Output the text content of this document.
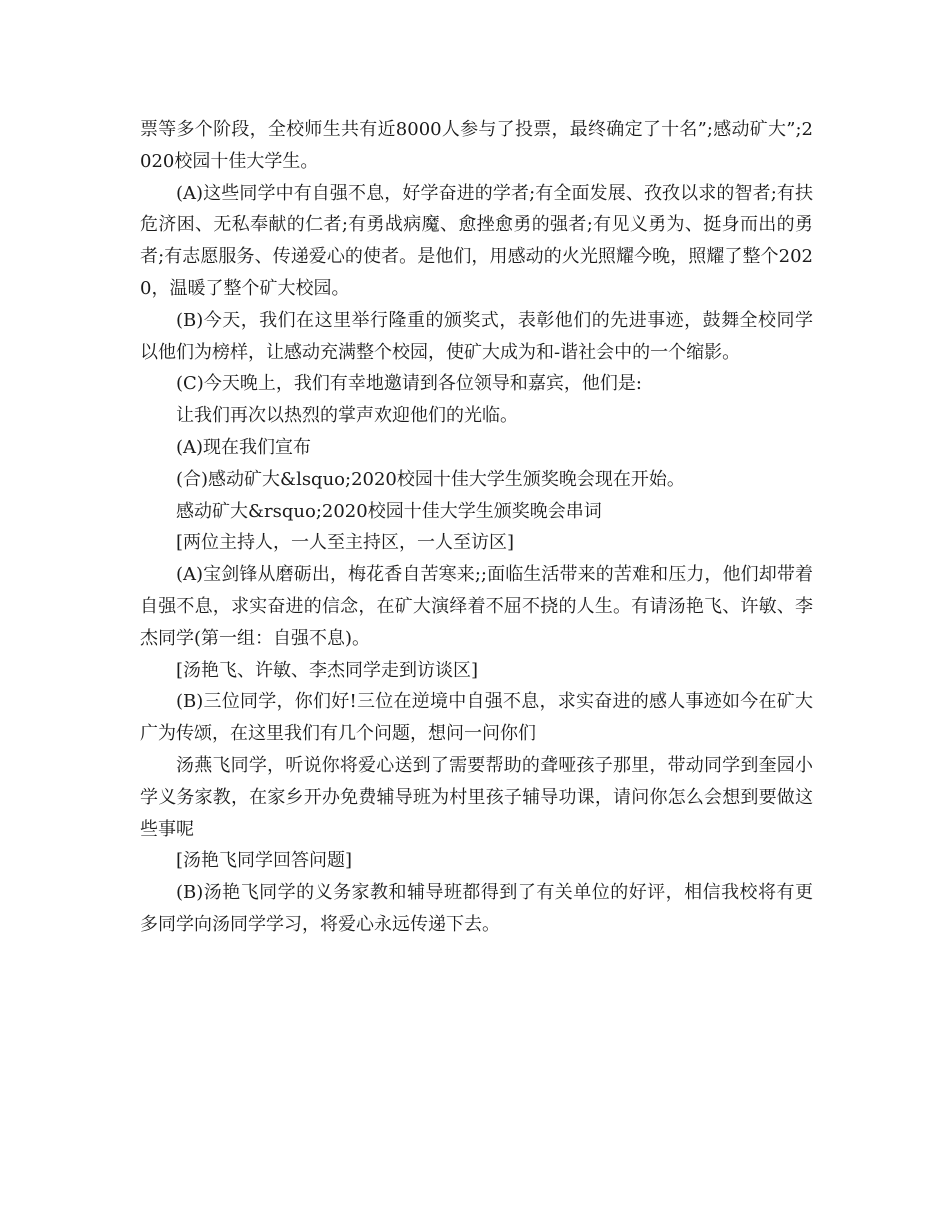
票等多个阶段，全校师生共有近8000人参与了投票，最终确定了十名”;感动矿大”;2020校园十佳大学生。

(A)这些同学中有自强不息，好学奋进的学者;有全面发展、孜孜以求的智者;有扶危济困、无私奉献的仁者;有勇战病魔、愈挫愈勇的强者;有见义勇为、挺身而出的勇者;有志愿服务、传递爱心的使者。是他们，用感动的火光照耀今晚，照耀了整个2020，温暖了整个矿大校园。

(B)今天，我们在这里举行隆重的颁奖式，表彰他们的先进事迹，鼓舞全校同学以他们为榜样，让感动充满整个校园，使矿大成为和-谐社会中的一个缩影。

(C)今天晚上，我们有幸地邀请到各位领导和嘉宾，他们是:

让我们再次以热烈的掌声欢迎他们的光临。

(A)现在我们宣布

(合)感动矿大&lsquo;2020校园十佳大学生颁奖晚会现在开始。

感动矿大&rsquo;2020校园十佳大学生颁奖晚会串词

[两位主持人，一人至主持区，一人至访区]

(A)宝剑锋从磨砺出，梅花香自苦寒来;;面临生活带来的苦难和压力，他们却带着自强不息，求实奋进的信念，在矿大演绎着不屈不挠的人生。有请汤艳飞、许敏、李杰同学(第一组：自强不息)。

[汤艳飞、许敏、李杰同学走到访谈区]

(B)三位同学，你们好!三位在逆境中自强不息，求实奋进的感人事迹如今在矿大广为传颂，在这里我们有几个问题，想问一问你们

汤燕飞同学，听说你将爱心送到了需要帮助的聋哑孩子那里，带动同学到奎园小学义务家教，在家乡开办免费辅导班为村里孩子辅导功课，请问你怎么会想到要做这些事呢

[汤艳飞同学回答问题]

(B)汤艳飞同学的义务家教和辅导班都得到了有关单位的好评，相信我校将有更多同学向汤同学学习，将爱心永远传递下去。
